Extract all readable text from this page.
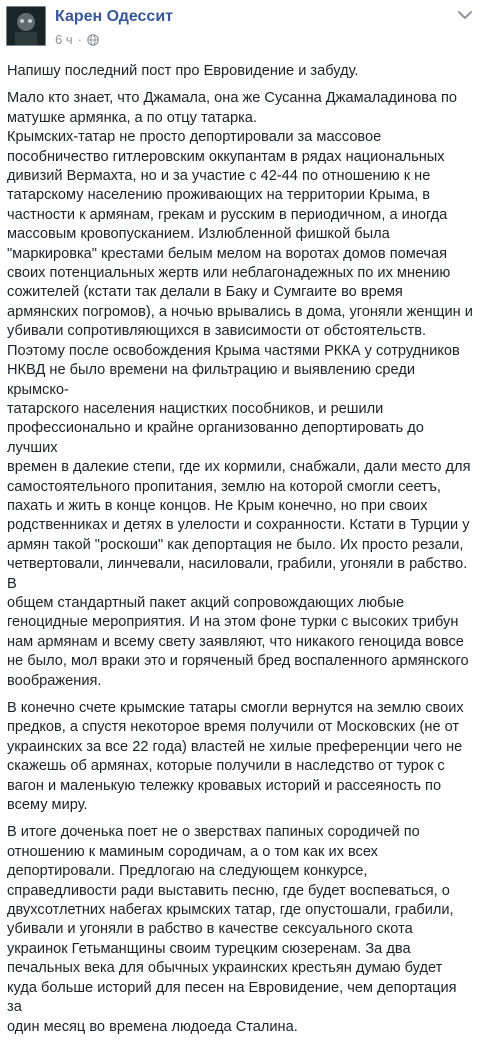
Карен Одессит
6 ч ·

Напишу последний пост про Евровидение и забуду.

Мало кто знает, что Джамала, она же Сусанна Джамаладинова по
матушке армянка, а по отцу татарка.
Крымских-татар не просто депортировали за массовое
пособничество гитлеровским оккупантам в рядах национальных
дивизий Вермахта, но и за участие с 42-44 по отношению к не
татарскому населению проживающих на территории Крыма, в
частности к армянам, грекам и русским в периодичном, а иногда
массовым кровопусканием. Излюбленной фишкой была
"маркировка" крестами белым мелом на воротах домов помечая
своих потенциальных жертв или неблагонадежных по их мнению
сожителей (кстати так делали в Баку и Сумгаите во время
армянских погромов), а ночью врывались в дома, угоняли женщин и
убивали сопротивляющихся в зависимости от обстоятельств.
Поэтому после освобождения Крыма частями РККА у сотрудников
НКВД не было времени на фильтрацию и выявлению среди крымско-
татарского населения нацистких пособников, и решили
профессионально и крайне организованно депортировать до лучших
времен в далекие степи, где их кормили, снабжали, дали место для
самостоятельного пропитания, землю на которой смогли сеетъ,
пахать и жить в конце концов. Не Крым конечно, но при своих
родственниках и детях в улелости и сохранности. Кстати в Турции у
армян такой "роскоши" как депортация не было. Их просто резали,
четвертовали, линчевали, насиловали, грабили, угоняли в рабство. В
общем стандартный пакет акций сопровождающих любые
геноцидные мероприятия. И на этом фоне турки с высоких трибун
нам армянам и всему свету заявляют, что никакого геноцида вовсе
не было, мол враки это и горяченый бред воспаленного армянского
воображения.

В конечно счете крымские татары смогли вернутся на землю своих
предков, а спустя некоторое время получили от Московских (не от
украинских за все 22 года) властей не хилые преференции чего не
скажешь об армянах, которые получили в наследство от турок с
вагон и маленькую тележку кровавых историй и рассеяность по
всему миру.

В итоге доченька поет не о зверствах папиных сородичей по
отношению к маминым сородичам, а о том как их всех
депортировали. Предлогаю на следующем конкурсе,
справедливости ради выставить песню, где будет воспеваться, о
двухсотлетних набегах крымских татар, где опустошали, грабили,
убивали и угоняли в рабство в качестве сексуального скота
украинок Гетьманщины своим турецким сюзеренам. За два
печальных века для обычных украинских крестьян думаю будет
куда больше историй для песен на Евровидение, чем депортация за
один месяц во времена людоеда Сталина.
